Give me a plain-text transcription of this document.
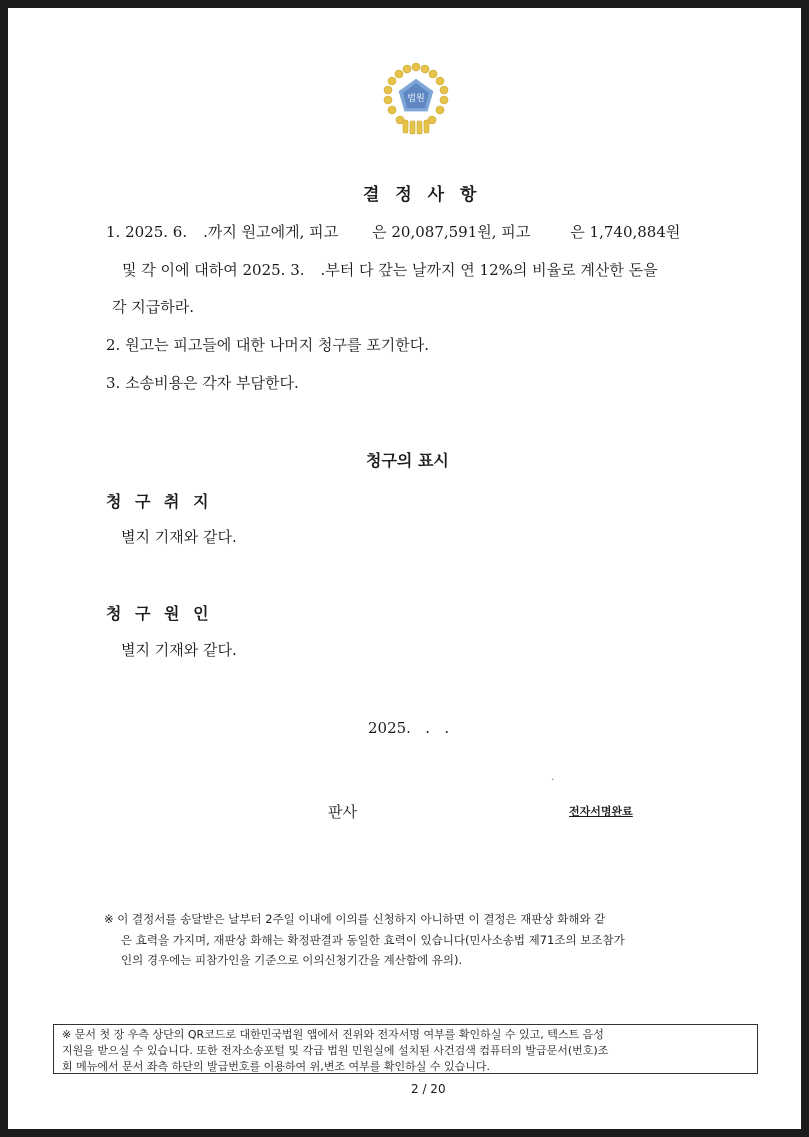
법원
결 정 사 항
1. 2025. 6. .까지 원고에게, 피고 은 20,087,591원, 피고	은 1,740,884원
및 각 이에 대하여 2025. 3. .부터 다 갚는 날까지 연 12%의 비율로 계산한 돈을
각 지급하라.
2. 원고는 피고들에 대한 나머지 청구를 포기한다.
3. 소송비용은 각자 부담한다.
청구의 표시
청 구 취 지
별지 기재와 같다.
청 구 원 인
별지 기재와 같다.
2025.   .   .
.
판사	전자서명완료
※ 이 결정서를 송달받은 날부터 2주일 이내에 이의를 신청하지 아니하면 이 결정은 재판상 화해와 같
은 효력을 가지며, 재판상 화해는 확정판결과 동일한 효력이 있습니다(민사소송법 제71조의 보조참가
인의 경우에는 피참가인을 기준으로 이의신청기간을 계산함에 유의).
※ 문서 첫 장 우측 상단의 QR코드로 대한민국법원 앱에서 진위와 전자서명 여부를 확인하실 수 있고, 텍스트 음성
지원을 받으실 수 있습니다. 또한 전자소송포털 및 각급 법원 민원실에 설치된 사건검색 컴퓨터의 발급문서(번호)조
회 메뉴에서 문서 좌측 하단의 발급번호를 이용하여 위,변조 여부를 확인하실 수 있습니다.
2 / 20
